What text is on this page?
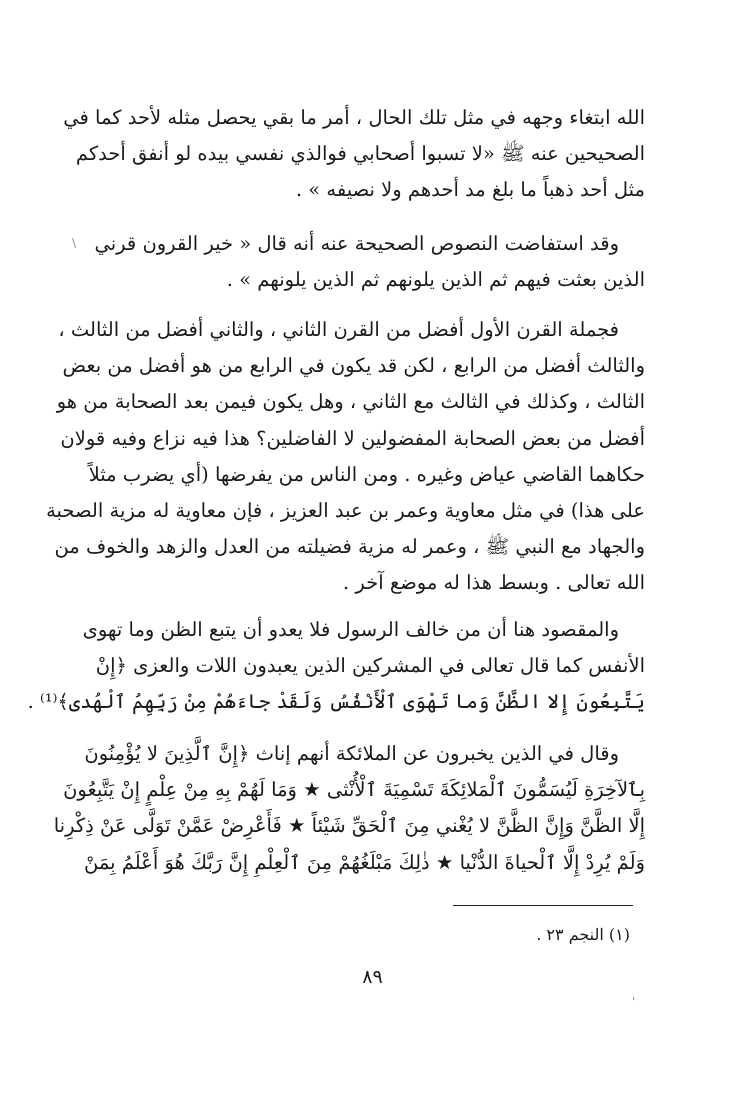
الله ابتغاء وجهه في مثل تلك الحال ، أمر ما بقي يحصل مثله لأحد كما في
الصحيحين عنه ﷺ «لا تسبوا أصحابي فوالذي نفسي بيده لو أنفق أحدكم
مثل أحد ذهباً ما بلغ مد أحدهم ولا نصيفه » .
وقد استفاضت النصوص الصحيحة عنه أنه قال « خير القرون قرني
الذين بعثت فيهم ثم الذين يلونهم ثم الذين يلونهم » .
فجملة القرن الأول أفضل من القرن الثاني ، والثاني أفضل من الثالث ،
والثالث أفضل من الرابع ، لكن قد يكون في الرابع من هو أفضل من بعض
الثالث ، وكذلك في الثالث مع الثاني ، وهل يكون فيمن بعد الصحابة من هو
أفضل من بعض الصحابة المفضولين لا الفاضلين؟ هذا فيه نزاع وفيه قولان
حكاهما القاضي عياض وغيره . ومن الناس من يفرضها (أي يضرب مثلاً
على هذا) في مثل معاوية وعمر بن عبد العزيز ، فإن معاوية له مزية الصحبة
والجهاد مع النبي ﷺ ، وعمر له مزية فضيلته من العدل والزهد والخوف من
الله تعالى . وبسط هذا له موضع آخر .
والمقصود هنا أن من خالف الرسول فلا يعدو أن يتبع الظن وما تهوى
الأنفس كما قال تعالى في المشركين الذين يعبدون اللات والعزى ﴿إِنْ
يَتَّبِعُونَ إِلا الظَّنَّ وَما تَهْوَى ٱلْأَنْفُسُ وَلَقَدْ جاءَهُمْ مِنْ رَبِّهِمُ ٱلْهُدى﴾⁽¹⁾ .
وقال في الذين يخبرون عن الملائكة أنهم إناث ﴿إِنَّ ٱلَّذِينَ لا يُؤْمِنُونَ
بِٱلآخِرَةِ لَيُسَمُّونَ ٱلْمَلائِكَةَ تَسْمِيَةَ ٱلْأُنْثى ★ وَمَا لَهُمْ بِهِ مِنْ عِلْمٍ إِنْ يَتَّبِعُونَ
إِلَّا الظَّنَّ وَإِنَّ الظَّنَّ لا يُغْني مِنَ ٱلْحَقِّ شَيْئاً ★ فَأَعْرِضْ عَمَّنْ تَوَلَّى عَنْ ذِكْرِنا
وَلَمْ يُرِدْ إِلَّا ٱلْحياةَ الدُّنْيا ★ ذٰلِكَ مَبْلَغُهُمْ مِنَ ٱلْعِلْمِ إِنَّ رَبَّكَ هُوَ أَعْلَمُ بِمَنْ
(١) النجم ٢٣ .
٨٩
\
'
